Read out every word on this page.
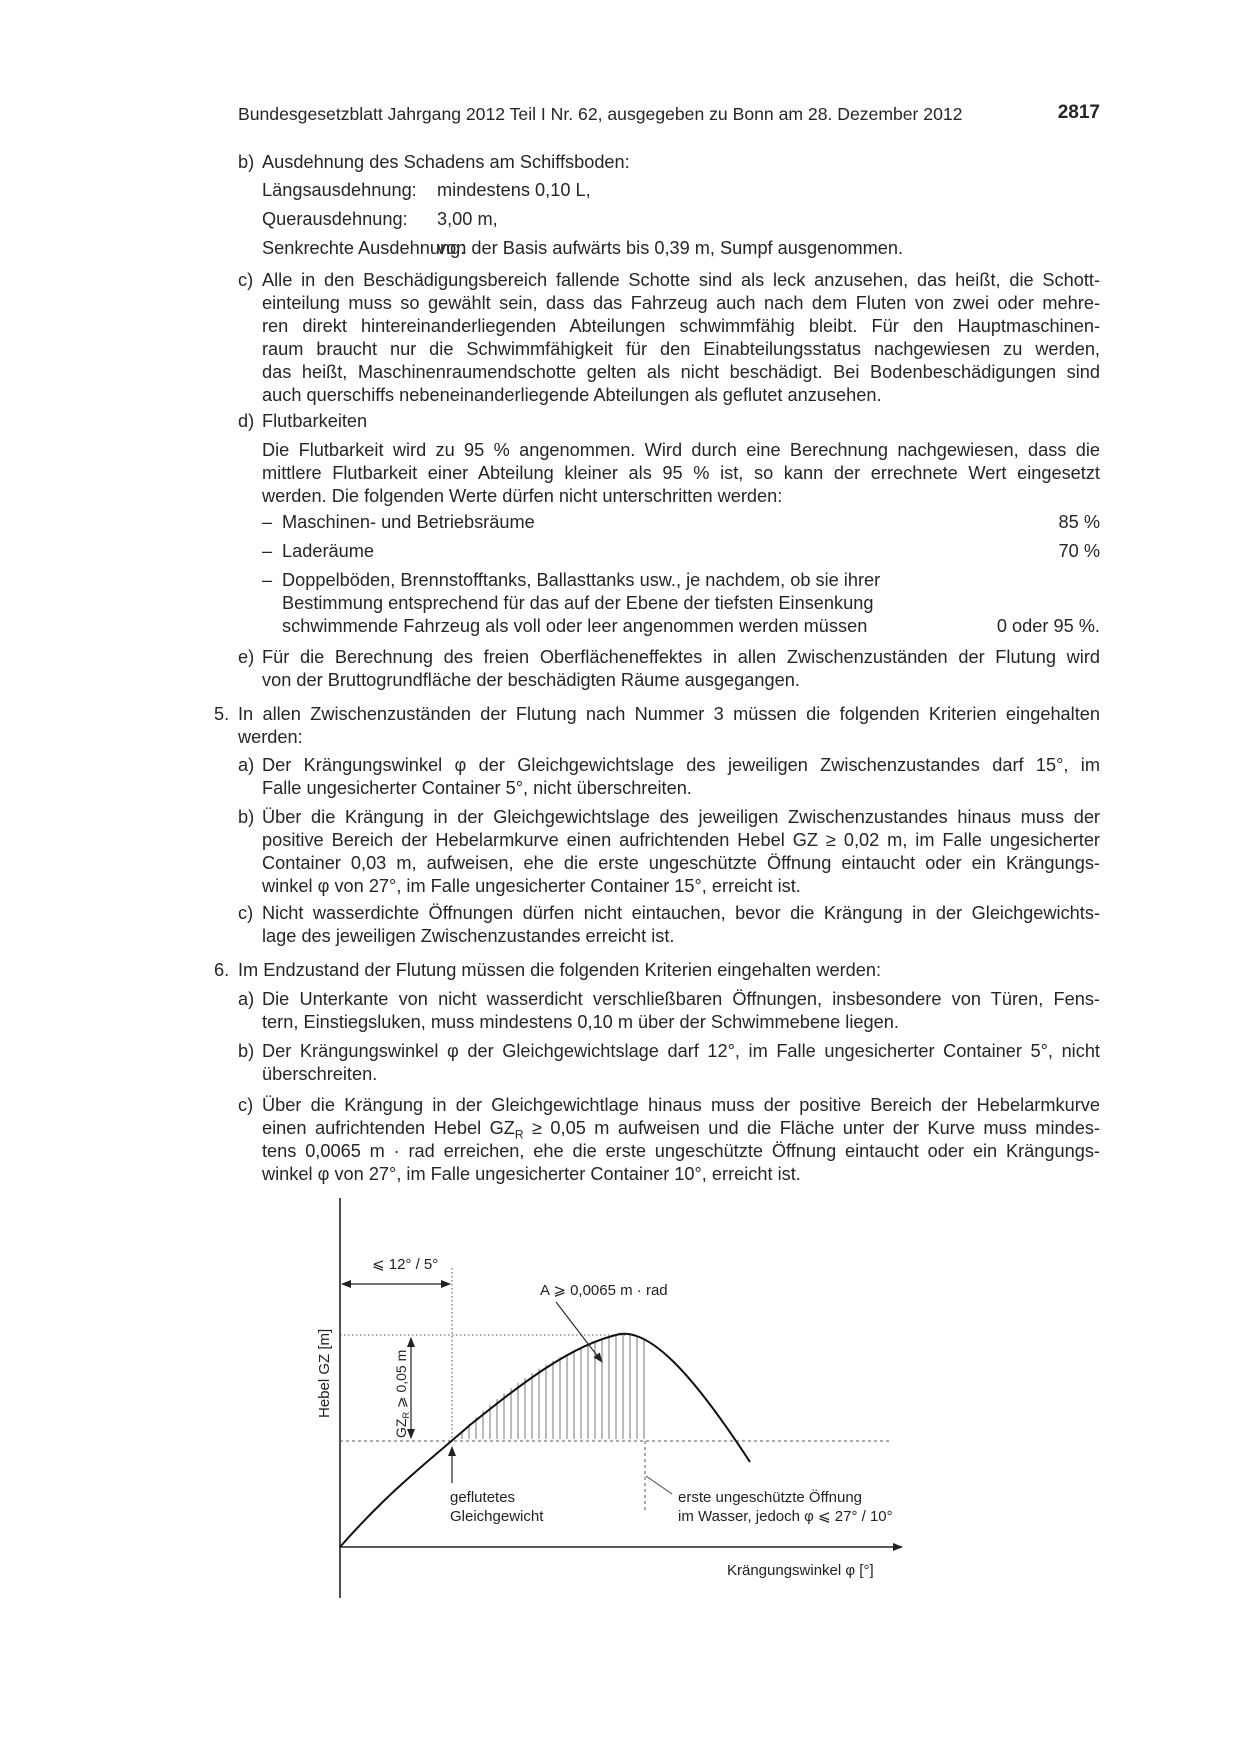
Bundesgesetzblatt Jahrgang 2012 Teil I Nr. 62, ausgegeben zu Bonn am 28. Dezember 2012	2817
b) Ausdehnung des Schadens am Schiffsboden:
Längsausdehnung: mindestens 0,10 L,
Querausdehnung: 3,00 m,
Senkrechte Ausdehnung:
von der Basis aufwärts bis 0,39 m, Sumpf ausgenommen.
c) Alle in den Beschädigungsbereich fallende Schotte sind als leck anzusehen, das heißt, die Schott-
einteilung muss so gewählt sein, dass das Fahrzeug auch nach dem Fluten von zwei oder mehre-
ren direkt hintereinanderliegenden Abteilungen schwimmfähig bleibt. Für den Hauptmaschinen-
raum braucht nur die Schwimmfähigkeit für den Einabteilungsstatus nachgewiesen zu werden,
das heißt, Maschinenraumendschotte gelten als nicht beschädigt. Bei Bodenbeschädigungen sind
auch querschiffs nebeneinanderliegende Abteilungen als geflutet anzusehen.
d) Flutbarkeiten
Die Flutbarkeit wird zu 95 % angenommen. Wird durch eine Berechnung nachgewiesen, dass die
mittlere Flutbarkeit einer Abteilung kleiner als 95 % ist, so kann der errechnete Wert eingesetzt
werden. Die folgenden Werte dürfen nicht unterschritten werden:
– Maschinen- und Betriebsräume	85 %
– Laderäume	70 %
– Doppelböden, Brennstofftanks, Ballasttanks usw., je nachdem, ob sie ihrer
Bestimmung entsprechend für das auf der Ebene der tiefsten Einsenkung
schwimmende Fahrzeug als voll oder leer angenommen werden müssen	0 oder 95 %.
e) Für die Berechnung des freien Oberflächeneffektes in allen Zwischenzuständen der Flutung wird
von der Bruttogrundfläche der beschädigten Räume ausgegangen.
5. In allen Zwischenzuständen der Flutung nach Nummer 3 müssen die folgenden Kriterien eingehalten
werden:
a) Der Krängungswinkel φ der Gleichgewichtslage des jeweiligen Zwischenzustandes darf 15°, im
Falle ungesicherter Container 5°, nicht überschreiten.
b) Über die Krängung in der Gleichgewichtslage des jeweiligen Zwischenzustandes hinaus muss der
positive Bereich der Hebelarmkurve einen aufrichtenden Hebel GZ ≥ 0,02 m, im Falle ungesicherter
Container 0,03 m, aufweisen, ehe die erste ungeschützte Öffnung eintaucht oder ein Krängungs-
winkel φ von 27°, im Falle ungesicherter Container 15°, erreicht ist.
c) Nicht wasserdichte Öffnungen dürfen nicht eintauchen, bevor die Krängung in der Gleichgewichts-
lage des jeweiligen Zwischenzustandes erreicht ist.
6. Im Endzustand der Flutung müssen die folgenden Kriterien eingehalten werden:
a) Die Unterkante von nicht wasserdicht verschließbaren Öffnungen, insbesondere von Türen, Fens-
tern, Einstiegsluken, muss mindestens 0,10 m über der Schwimmebene liegen.
b) Der Krängungswinkel φ der Gleichgewichtslage darf 12°, im Falle ungesicherter Container 5°, nicht
überschreiten.
c) Über die Krängung in der Gleichgewichtlage hinaus muss der positive Bereich der Hebelarmkurve
einen aufrichtenden Hebel $GZ_R \ge 0,05$ m aufweisen und die Fläche unter der Kurve muss mindes-
tens 0,0065 m · rad erreichen, ehe die erste ungeschützte Öffnung eintaucht oder ein Krängungs-
winkel φ von 27°, im Falle ungesicherter Container 10°, erreicht ist.
⩽ 12° / 5°
A ⩾ 0,0065 m · rad
$GZ_R$ ⩾ 0,05 m
Hebel GZ [m]
geflutetes
Gleichgewicht
erste ungeschützte Öffnung
im Wasser, jedoch φ ⩽ 27° / 10°
Krängungswinkel φ [°]
